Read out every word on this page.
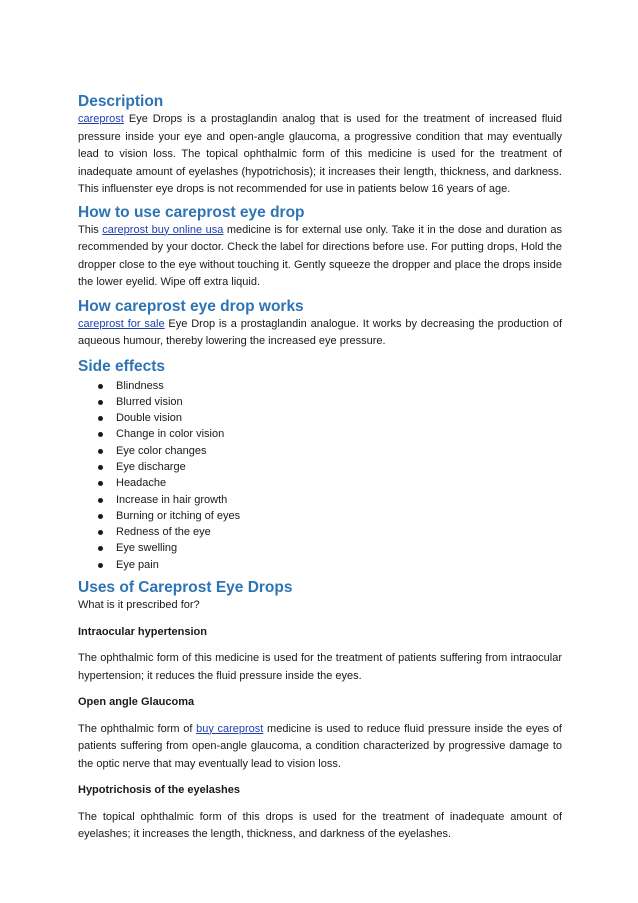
Description

careprost Eye Drops is a prostaglandin analog that is used for the treatment of increased fluid pressure inside your eye and open-angle glaucoma, a progressive condition that may eventually lead to vision loss. The topical ophthalmic form of this medicine is used for the treatment of inadequate amount of eyelashes (hypotrichosis); it increases their length, thickness, and darkness. This influenster eye drops is not recommended for use in patients below 16 years of age.

How to use careprost eye drop

This careprost buy online usa medicine is for external use only. Take it in the dose and duration as recommended by your doctor. Check the label for directions before use. For putting drops, Hold the dropper close to the eye without touching it. Gently squeeze the dropper and place the drops inside the lower eyelid. Wipe off extra liquid.

How careprost eye drop works

careprost for sale Eye Drop is a prostaglandin analogue. It works by decreasing the production of aqueous humour, thereby lowering the increased eye pressure.

Side effects
Blindness
Blurred vision
Double vision
Change in color vision
Eye color changes
Eye discharge
Headache
Increase in hair growth
Burning or itching of eyes
Redness of the eye
Eye swelling
Eye pain
Uses of Careprost Eye Drops

What is it prescribed for?

Intraocular hypertension

The ophthalmic form of this medicine is used for the treatment of patients suffering from intraocular hypertension; it reduces the fluid pressure inside the eyes.

Open angle Glaucoma

The ophthalmic form of buy careprost medicine is used to reduce fluid pressure inside the eyes of patients suffering from open-angle glaucoma, a condition characterized by progressive damage to the optic nerve that may eventually lead to vision loss.

Hypotrichosis of the eyelashes

The topical ophthalmic form of this drops is used for the treatment of inadequate amount of eyelashes; it increases the length, thickness, and darkness of the eyelashes.
